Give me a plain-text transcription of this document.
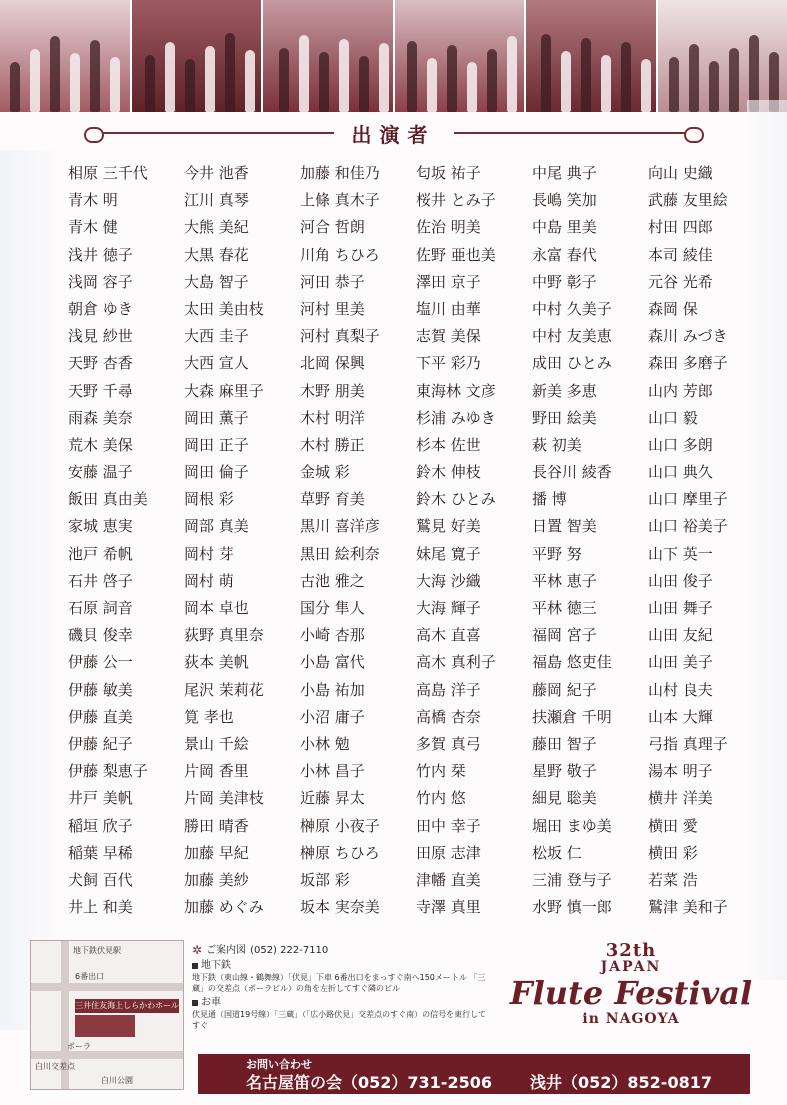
出演者
相原 三千代	今井 池香	加藤 和佳乃	匂坂 祐子	中尾 典子	向山 史織
青木 明	江川 真琴	上條 真木子	桜井 とみ子	長嶋 笑加	武藤 友里絵
青木 健	大熊 美紀	河合 哲朗	佐治 明美	中島 里美	村田 四郎
浅井 徳子	大黒 春花	川角 ちひろ	佐野 亜也美	永富 春代	本司 綾佳
浅岡 容子	大島 智子	河田 恭子	澤田 京子	中野 彰子	元谷 光希
朝倉 ゆき	太田 美由枝	河村 里美	塩川 由華	中村 久美子	森岡 保
浅見 紗世	大西 圭子	河村 真梨子	志賀 美保	中村 友美恵	森川 みづき
天野 杏香	大西 宣人	北岡 保興	下平 彩乃	成田 ひとみ	森田 多磨子
天野 千尋	大森 麻里子	木野 朋美	東海林 文彦	新美 多恵	山内 芳郎
雨森 美奈	岡田 薫子	木村 明洋	杉浦 みゆき	野田 絵美	山口 毅
荒木 美保	岡田 正子	木村 勝正	杉本 佐世	萩 初美	山口 多朗
安藤 温子	岡田 倫子	金城 彩	鈴木 伸枝	長谷川 綾香	山口 典久
飯田 真由美	岡根 彩	草野 育美	鈴木 ひとみ	播 博	山口 摩里子
家城 恵実	岡部 真美	黒川 喜洋彦	鷲見 好美	日置 智美	山口 裕美子
池戸 希帆	岡村 芽	黒田 絵利奈	妹尾 寛子	平野 努	山下 英一
石井 啓子	岡村 萌	古池 雅之	大海 沙織	平林 恵子	山田 俊子
石原 詞音	岡本 卓也	国分 隼人	大海 輝子	平林 徳三	山田 舞子
磯貝 俊幸	荻野 真里奈	小崎 杏那	高木 直喜	福岡 宮子	山田 友紀
伊藤 公一	荻本 美帆	小島 富代	高木 真利子	福島 悠吏佳	山田 美子
伊藤 敏美	尾沢 茉莉花	小島 祐加	高島 洋子	藤岡 紀子	山村 良夫
伊藤 直美	筧 孝也	小沼 庸子	高橋 杏奈	扶瀬倉 千明	山本 大輝
伊藤 紀子	景山 千絵	小林 勉	多賀 真弓	藤田 智子	弓指 真理子
伊藤 梨恵子	片岡 香里	小林 昌子	竹内 栞	星野 敬子	湯本 明子
井戸 美帆	片岡 美津枝	近藤 昇太	竹内 悠	細見 聡美	横井 洋美
稲垣 欣子	勝田 晴香	榊原 小夜子	田中 幸子	堀田 まゆ美	横田 愛
稲葉 早稀	加藤 早紀	榊原 ちひろ	田原 志津	松坂 仁	横田 彩
犬飼 百代	加藤 美紗	坂部 彩	津幡 直美	三浦 登与子	若菜 浩
井上 和美	加藤 めぐみ	坂本 実奈美	寺澤 真里	水野 慎一郎	鷲津 美和子
地下鉄伏見駅
6番出口
三井住友海上しらかわホール
ポーラ
白川交差点
白川公園
✲ ご案内図 (052) 222-7110
地下鉄

地下鉄（東山線・鶴舞線）「伏見」下車 6番出口をまっすぐ南へ150メートル 「三蔵」の交差点（ポーラビル）の角を左折してすぐ隣のビル

お車

伏見通（国道19号線）「三蔵」（「広小路伏見」交差点のすぐ南）の信号を東行してすぐ

32th
JAPAN
Flute Festival
in NAGOYA
お問い合わせ
名古屋笛の会（052）731-2506 浅井（052）852-0817
